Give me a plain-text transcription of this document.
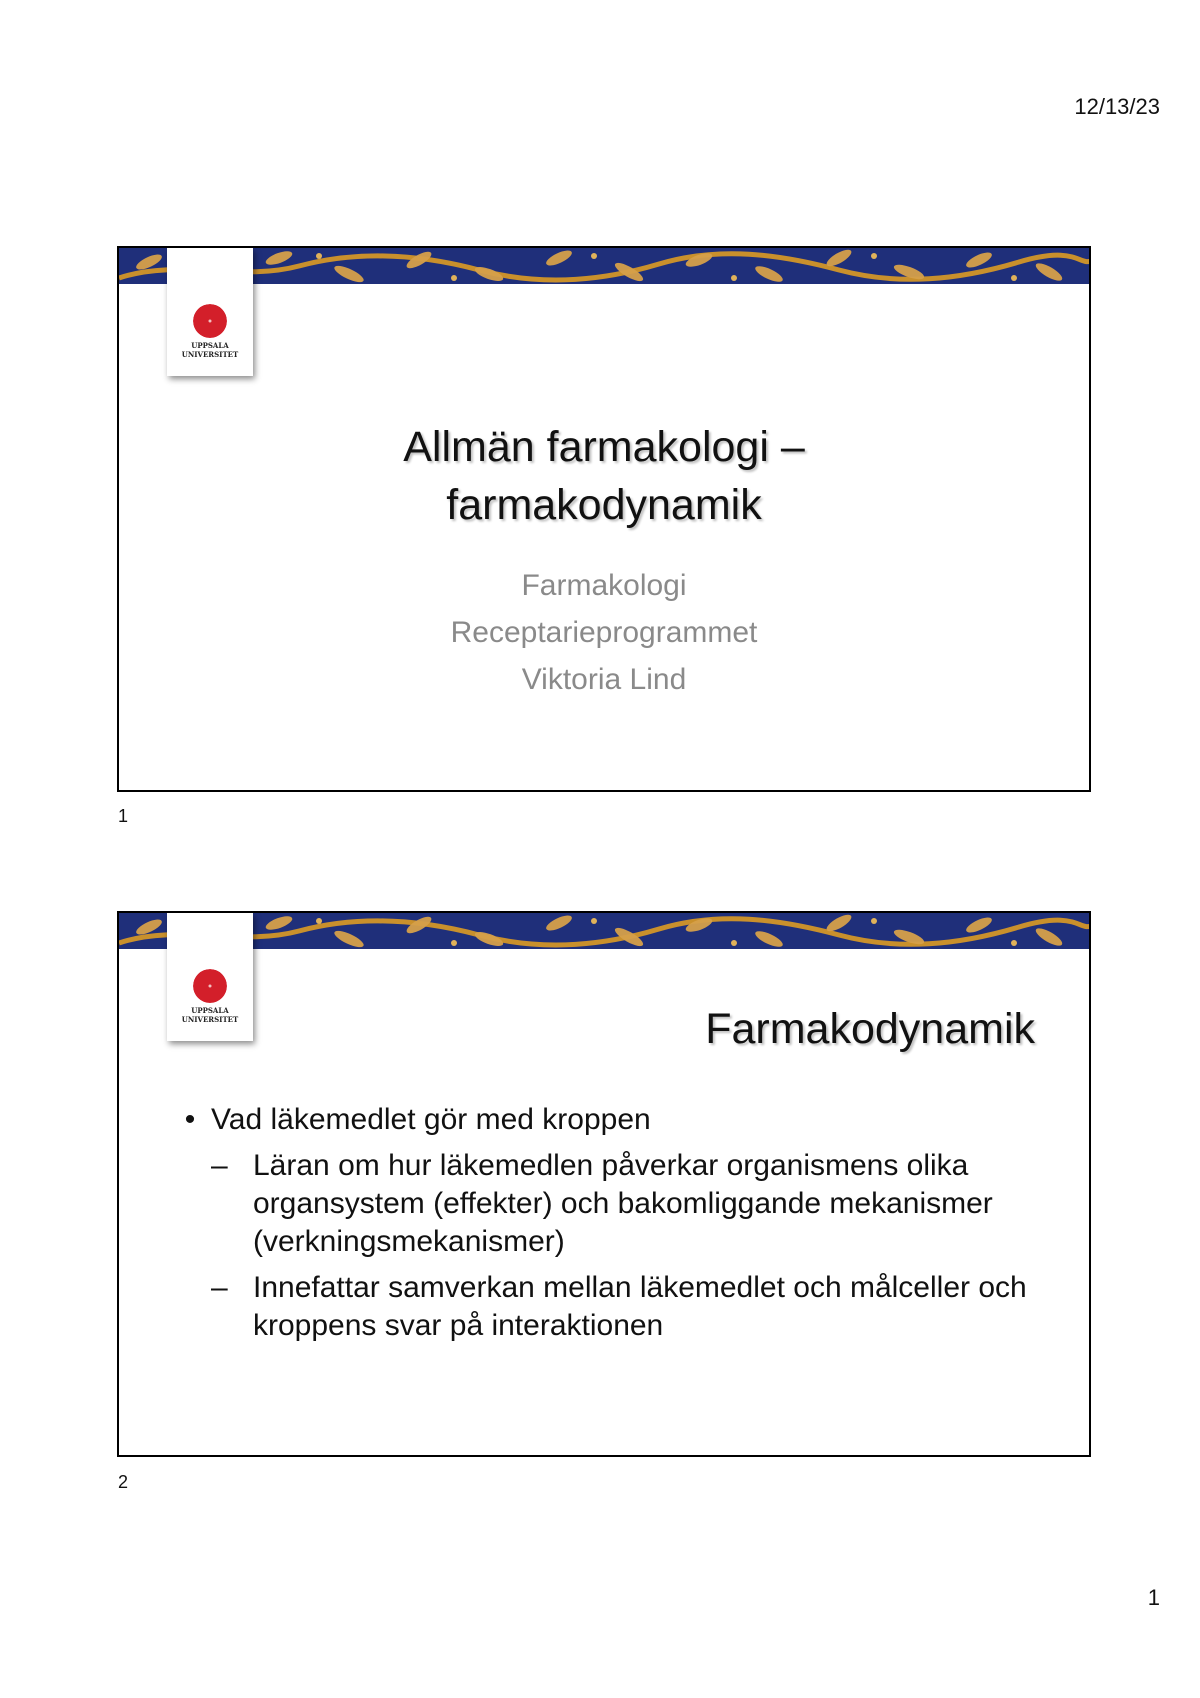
12/13/23
UPPSALA
UNIVERSITET
Allmän farmakologi –
farmakodynamik
Farmakologi
Receptarieprogrammet
Viktoria Lind
1
UPPSALA
UNIVERSITET	Farmakodynamik
• Vad läkemedlet gör med kroppen
– Läran om hur läkemedlen påverkar organismens olika organsystem (effekter) och bakomliggande mekanismer (verkningsmekanismer)
– Innefattar samverkan mellan läkemedlet och målceller och kroppens svar på interaktionen
2
1
